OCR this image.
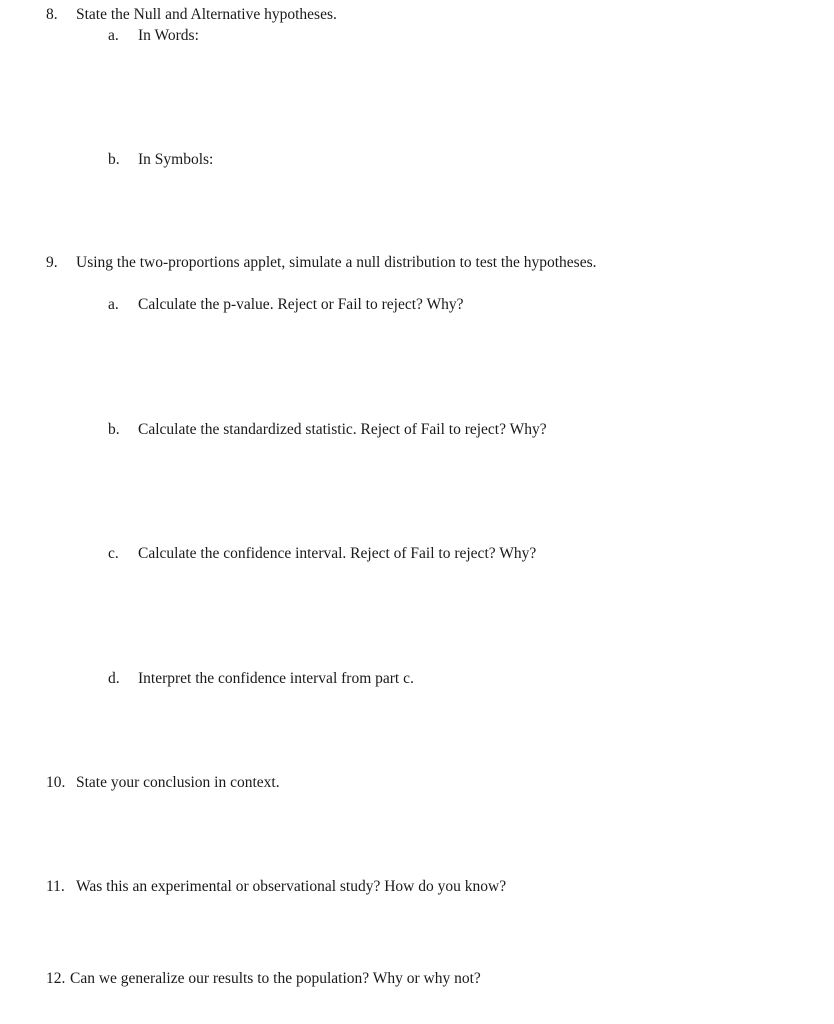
8. State the Null and Alternative hypotheses.
a. In Words:
b. In Symbols:
9. Using the two-proportions applet, simulate a null distribution to test the hypotheses.
a. Calculate the p-value. Reject or Fail to reject? Why?
b. Calculate the standardized statistic. Reject of Fail to reject? Why?
c. Calculate the confidence interval. Reject of Fail to reject? Why?
d. Interpret the confidence interval from part c.
10. State your conclusion in context.
11. Was this an experimental or observational study? How do you know?
12. Can we generalize our results to the population? Why or why not?
